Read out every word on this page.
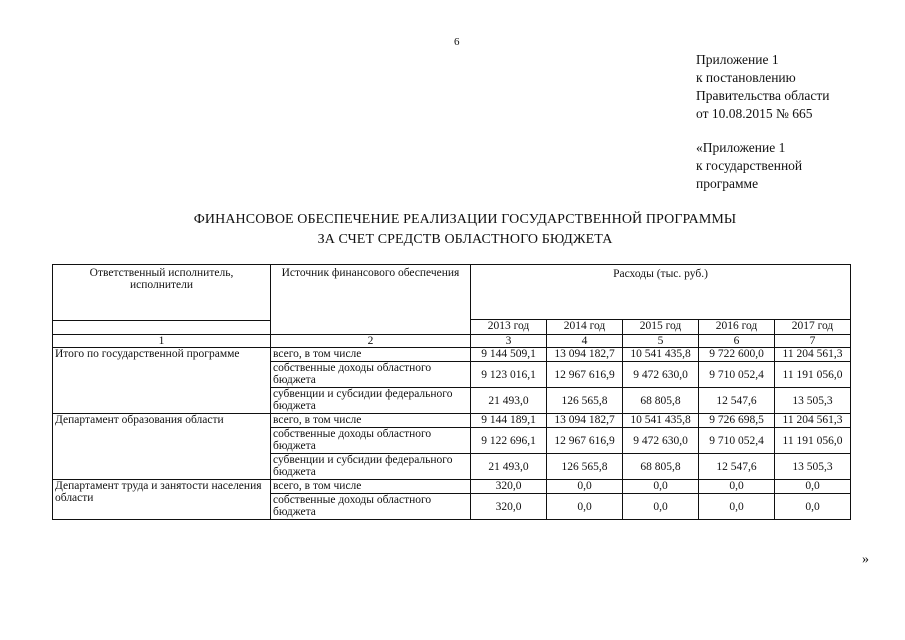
6
Приложение 1
к постановлению
Правительства области
от 10.08.2015 № 665
«Приложение 1
к государственной
программе
ФИНАНСОВОЕ ОБЕСПЕЧЕНИЕ РЕАЛИЗАЦИИ ГОСУДАРСТВЕННОЙ ПРОГРАММЫ
ЗА СЧЕТ СРЕДСТВ ОБЛАСТНОГО БЮДЖЕТА
Ответственный исполнитель, исполнители	Источник финансового обеспечения	Расходы (тыс. руб.)				
		2013 год	2014 год	2015 год	2016 год	2017 год

1	2	3	4	5	6	7
Итого по государственной программе	всего, в том числе	9 144 509,1	13 094 182,7	10 541 435,8	9 722 600,0	11 204 561,3
	собственные доходы областного бюджета	9 123 016,1	12 967 616,9	9 472 630,0	9 710 052,4	11 191 056,0
	субвенции и субсидии федерального бюджета	21 493,0	126 565,8	68 805,8	12 547,6	13 505,3
Департамент образования области	всего, в том числе	9 144 189,1	13 094 182,7	10 541 435,8	9 726 698,5	11 204 561,3
	собственные доходы областного бюджета	9 122 696,1	12 967 616,9	9 472 630,0	9 710 052,4	11 191 056,0
	субвенции и субсидии федерального бюджета	21 493,0	126 565,8	68 805,8	12 547,6	13 505,3
Департамент труда и занятости населения области	всего, в том числе	320,0	0,0	0,0	0,0	0,0
	собственные доходы областного бюджета	320,0	0,0	0,0	0,0	0,0
»
